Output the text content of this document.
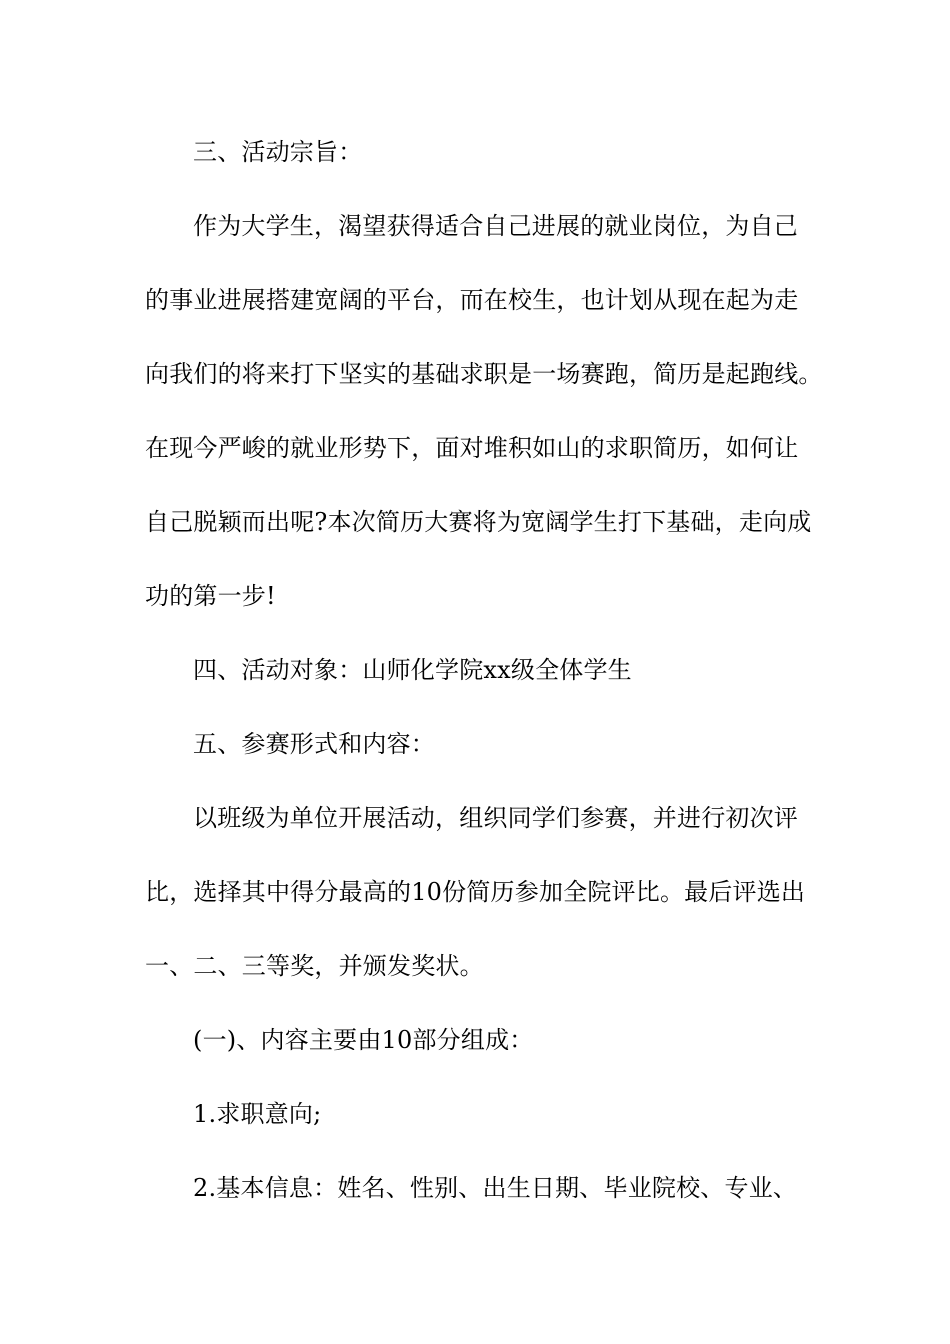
三、活动宗旨：
作为大学生，渴望获得适合自己进展的就业岗位，为自己
的事业进展搭建宽阔的平台，而在校生，也计划从现在起为走
向我们的将来打下坚实的基础求职是一场赛跑，简历是起跑线。
在现今严峻的就业形势下，面对堆积如山的求职简历，如何让
自己脱颖而出呢?本次简历大赛将为宽阔学生打下基础，走向成
功的第一步!
四、活动对象：山师化学院xx级全体学生
五、参赛形式和内容：
以班级为单位开展活动，组织同学们参赛，并进行初次评
比，选择其中得分最高的10份简历参加全院评比。最后评选出
一、二、三等奖，并颁发奖状。
(一)、内容主要由10部分组成：
1.求职意向;
2.基本信息：姓名、性别、出生日期、毕业院校、专业、
